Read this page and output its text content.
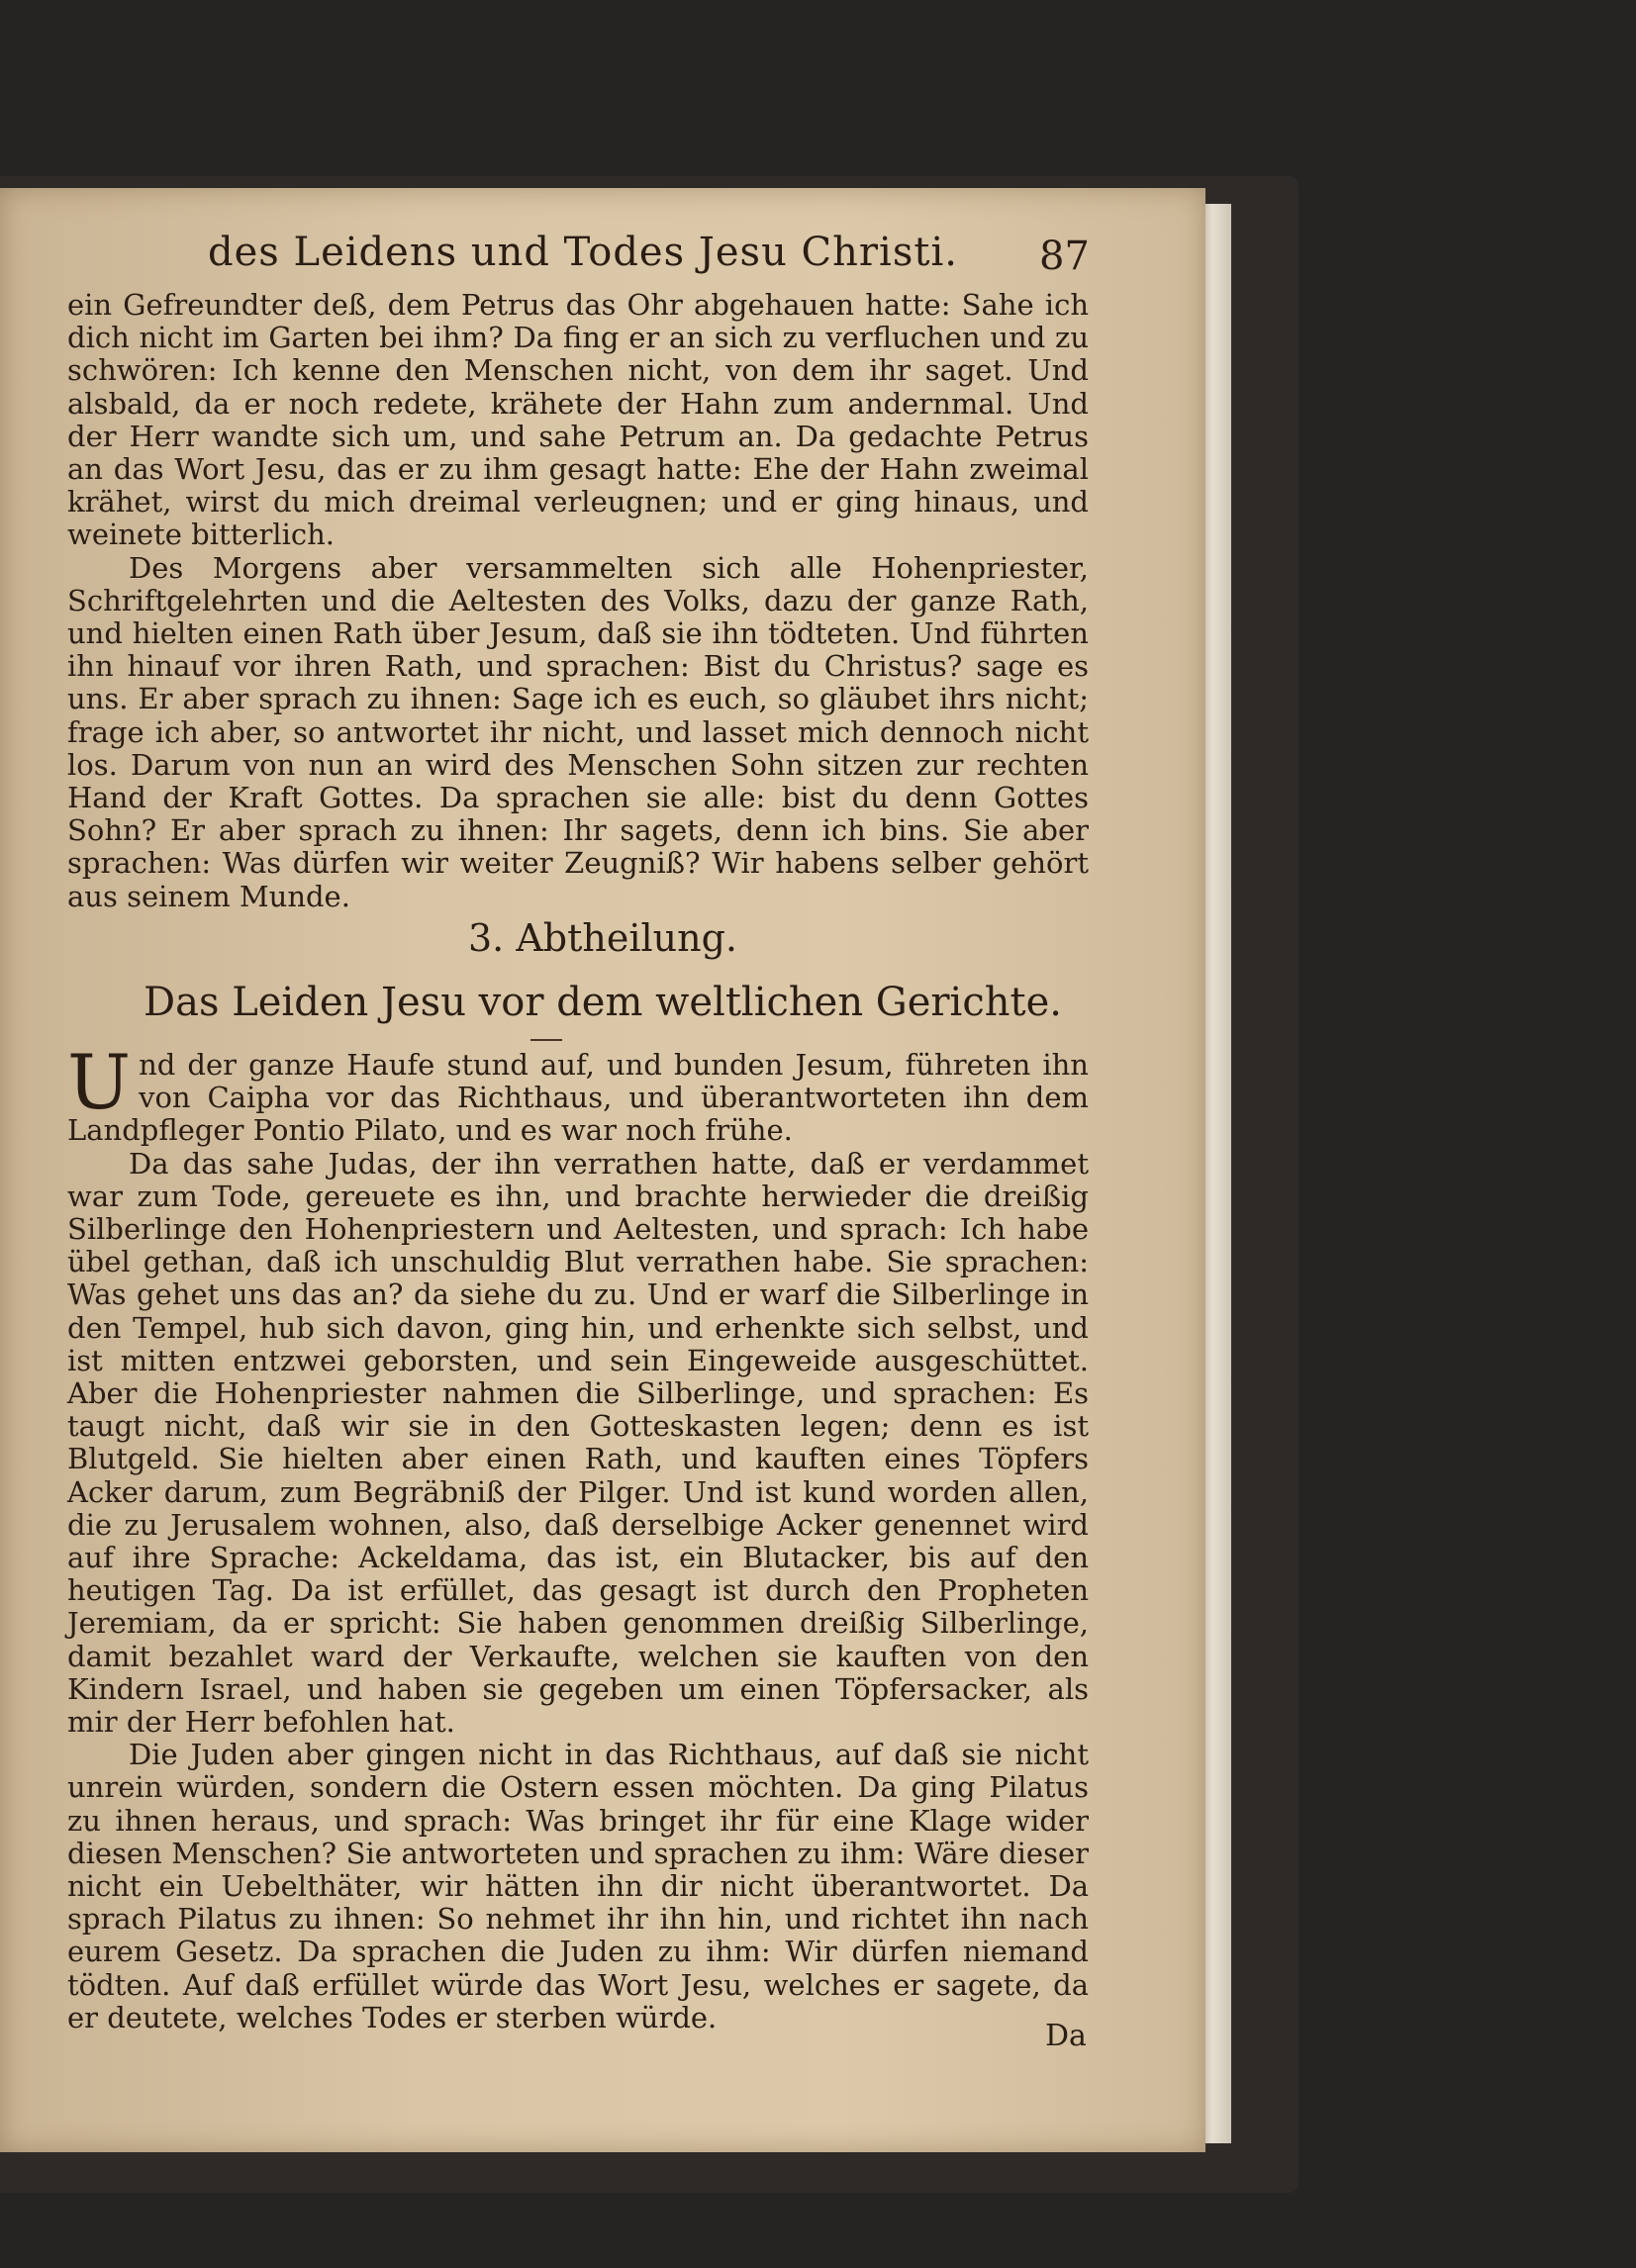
des Leidens und Todes Jesu Christi. 87

ein Gefreundter deß, dem Petrus das Ohr abgehauen hatte: Sahe ich dich nicht im Garten bei ihm? Da fing er an sich zu verfluchen und zu schwören: Ich kenne den Menschen nicht, von dem ihr saget. Und alsbald, da er noch redete, krähete der Hahn zum andernmal. Und der Herr wandte sich um, und sahe Petrum an. Da gedachte Petrus an das Wort Jesu, das er zu ihm gesagt hatte: Ehe der Hahn zweimal krähet, wirst du mich dreimal verleugnen; und er ging hinaus, und weinete bitterlich.

Des Morgens aber versammelten sich alle Hohenpriester, Schriftgelehrten und die Aeltesten des Volks, dazu der ganze Rath, und hielten einen Rath über Jesum, daß sie ihn tödteten. Und führten ihn hinauf vor ihren Rath, und sprachen: Bist du Christus? sage es uns. Er aber sprach zu ihnen: Sage ich es euch, so gläubet ihrs nicht; frage ich aber, so antwortet ihr nicht, und lasset mich dennoch nicht los. Darum von nun an wird des Menschen Sohn sitzen zur rechten Hand der Kraft Gottes. Da sprachen sie alle: bist du denn Gottes Sohn? Er aber sprach zu ihnen: Ihr sagets, denn ich bins. Sie aber sprachen: Was dürfen wir weiter Zeugniß? Wir habens selber gehört aus seinem Munde.

3. Abtheilung.
Das Leiden Jesu vor dem weltlichen Gerichte.

Und der ganze Haufe stund auf, und bunden Jesum, führeten ihn von Caipha vor das Richthaus, und überantworteten ihn dem Landpfleger Pontio Pilato, und es war noch frühe.

Da das sahe Judas, der ihn verrathen hatte, daß er verdammet war zum Tode, gereuete es ihn, und brachte herwieder die dreißig Silberlinge den Hohenpriestern und Aeltesten, und sprach: Ich habe übel gethan, daß ich unschuldig Blut verrathen habe. Sie sprachen: Was gehet uns das an? da siehe du zu. Und er warf die Silberlinge in den Tempel, hub sich davon, ging hin, und erhenkte sich selbst, und ist mitten entzwei geborsten, und sein Eingeweide ausgeschüttet. Aber die Hohenpriester nahmen die Silberlinge, und sprachen: Es taugt nicht, daß wir sie in den Gotteskasten legen; denn es ist Blutgeld. Sie hielten aber einen Rath, und kauften eines Töpfers Acker darum, zum Begräbniß der Pilger. Und ist kund worden allen, die zu Jerusalem wohnen, also, daß derselbige Acker genennet wird auf ihre Sprache: Ackeldama, das ist, ein Blutacker, bis auf den heutigen Tag. Da ist erfüllet, das gesagt ist durch den Propheten Jeremiam, da er spricht: Sie haben genommen dreißig Silberlinge, damit bezahlet ward der Verkaufte, welchen sie kauften von den Kindern Israel, und haben sie gegeben um einen Töpfersacker, als mir der Herr befohlen hat.

Die Juden aber gingen nicht in das Richthaus, auf daß sie nicht unrein würden, sondern die Ostern essen möchten. Da ging Pilatus zu ihnen heraus, und sprach: Was bringet ihr für eine Klage wider diesen Menschen? Sie antworteten und sprachen zu ihm: Wäre dieser nicht ein Uebelthäter, wir hätten ihn dir nicht überantwortet. Da sprach Pilatus zu ihnen: So nehmet ihr ihn hin, und richtet ihn nach eurem Gesetz. Da sprachen die Juden zu ihm: Wir dürfen niemand tödten. Auf daß erfüllet würde das Wort Jesu, welches er sagete, da er deutete, welches Todes er sterben würde.

Da
